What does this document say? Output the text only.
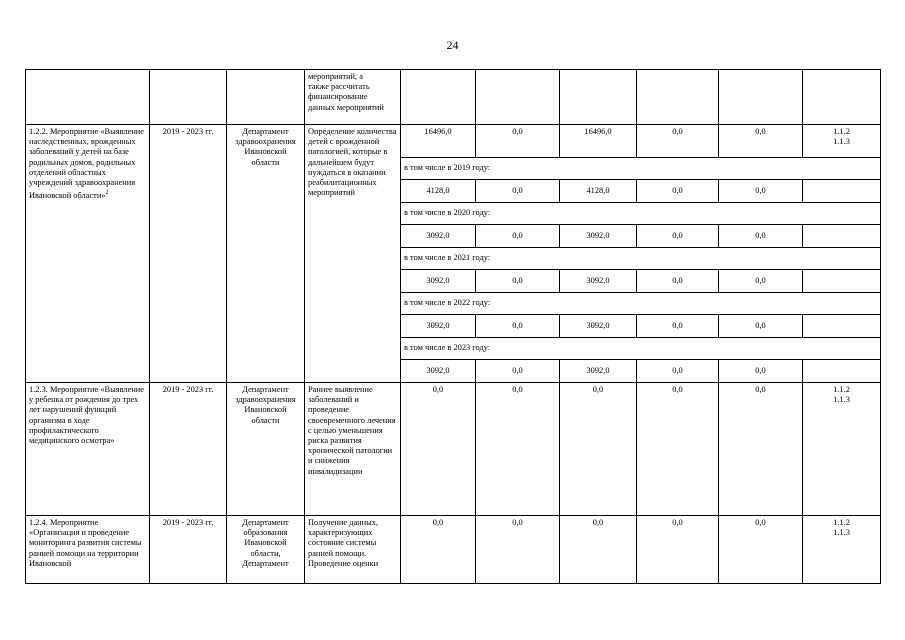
24
			мероприятий, а
также рассчитать
финансирование
данных мероприятий						
1.2.2. Мероприятие «Выявление наследственных, врожденных заболеваний у детей на базе родильных домов, родильных отделений областных учреждений здравоохранения Ивановской области»$^2$	2019 - 2023 гг.	Департамент здравоохранения Ивановской области	Определение количества детей с врожденной патологией, которые в дальнейшем будут нуждаться в оказании реабилитационных мероприятий	16496,0	0,0	16496,0	0,0	0,0	1.1.2
1.1.3
				в том числе в 2019 году:					
				4128,0	0,0	4128,0	0,0	0,0	
				в том числе в 2020 году:					
				3092,0	0,0	3092,0	0,0	0,0	
				в том числе в 2021 году:					
				3092,0	0,0	3092,0	0,0	0,0	
				в том числе в 2022 году:					
				3092,0	0,0	3092,0	0,0	0,0	
				в том числе в 2023 году:					
				3092,0	0,0	3092,0	0,0	0,0	
1.2.3. Мероприятие «Выявление у ребенка от рождения до трех лет нарушений функций организма в ходе профилактического медицинского осмотра»	2019 - 2023 гг.	Департамент здравоохранения Ивановской области	Раннее выявление заболеваний и проведение своевременного лечения с целью уменьшения риска развития хронической патологии и снижения инвалидизации	0,0	0,0	0,0	0,0	0,0	1.1.2
1.1.3
1.2.4. Мероприятие «Организация и проведение мониторинга развития системы ранней помощи на территории Ивановской	2019 - 2023 гг.	Департамент образования Ивановской области, Департамент	Получение данных, характеризующих состояние системы ранней помощи. Проведение оценки	0,0	0,0	0,0	0,0	0,0	1.1.2
1.1.3
